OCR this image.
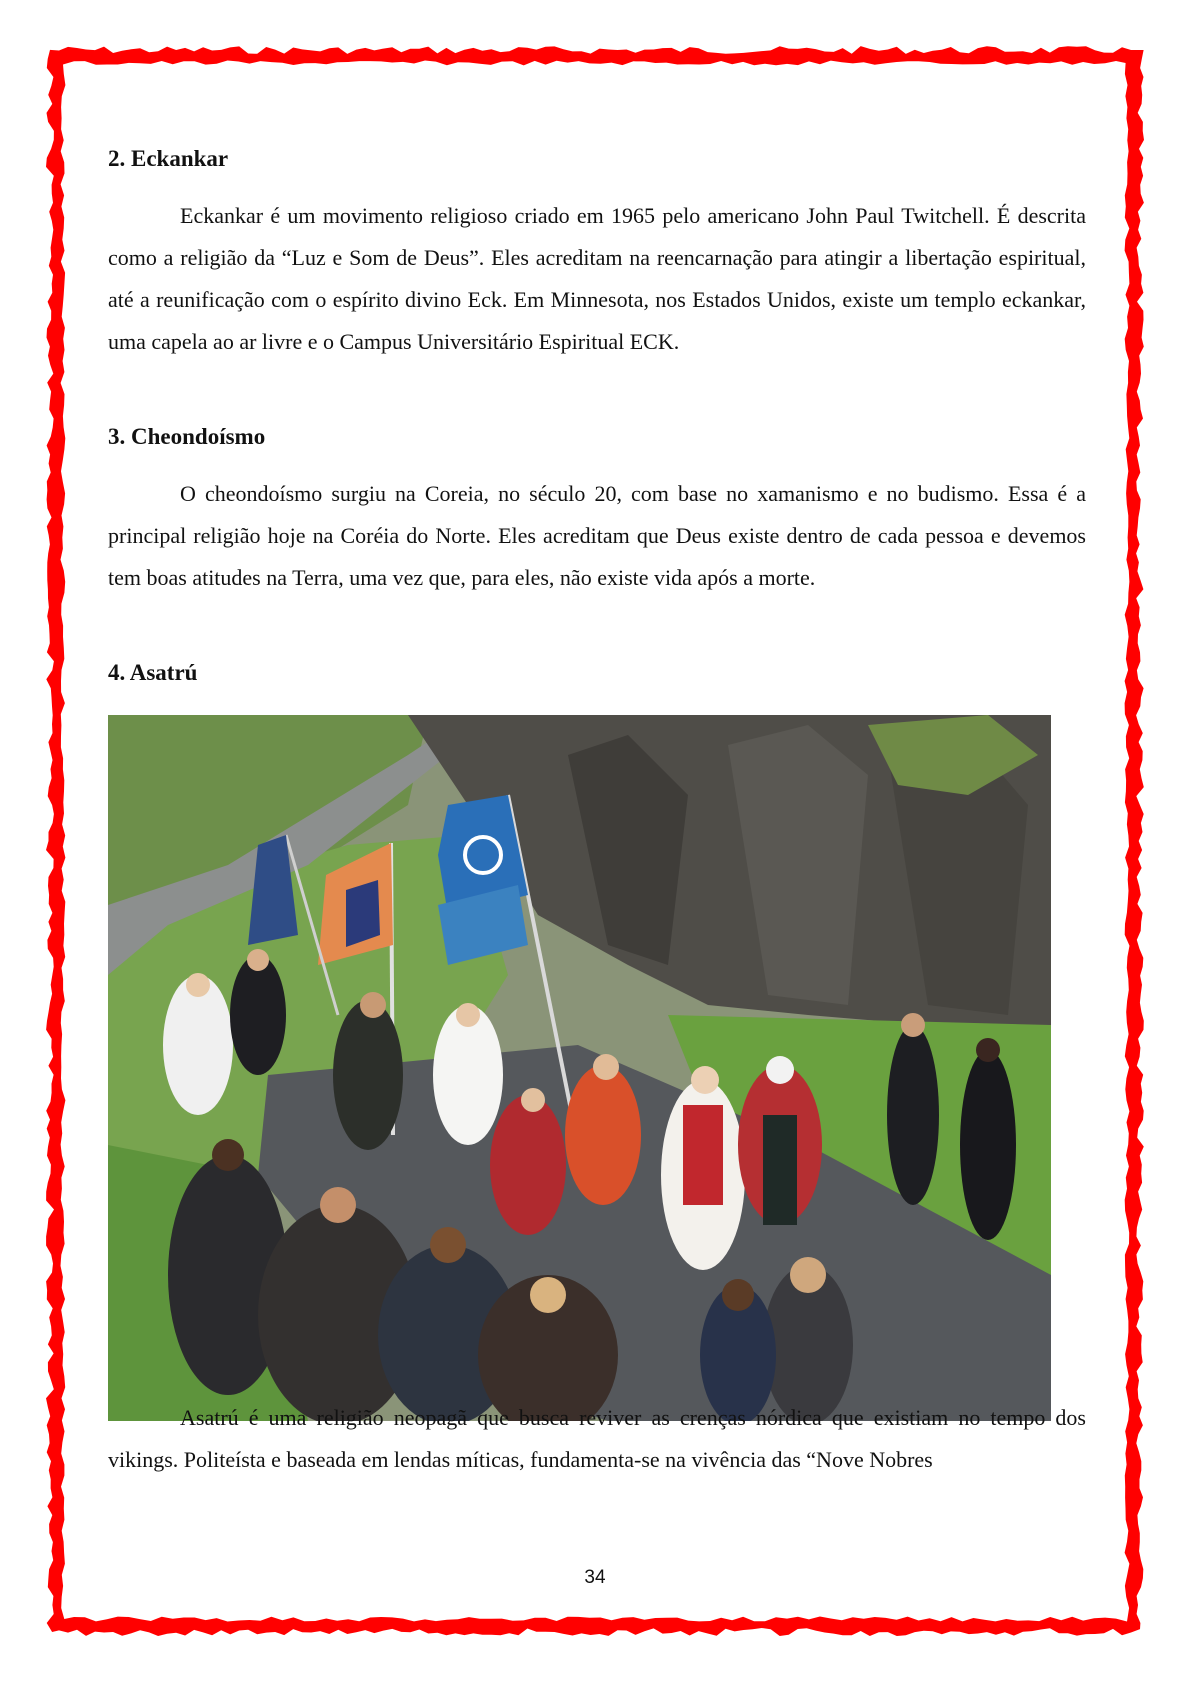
2. Eckankar

Eckankar é um movimento religioso criado em 1965 pelo americano John Paul Twitchell. É descrita como a religião da “Luz e Som de Deus”. Eles acreditam na reencarnação para atingir a libertação espiritual, até a reunificação com o espírito divino Eck. Em Minnesota, nos Estados Unidos, existe um templo eckankar, uma capela ao ar livre e o Campus Universitário Espiritual ECK.

3. Cheondoísmo

O cheondoísmo surgiu na Coreia, no século 20, com base no xamanismo e no budismo. Essa é a principal religião hoje na Coréia do Norte. Eles acreditam que Deus existe dentro de cada pessoa e devemos tem boas atitudes na Terra, uma vez que, para eles, não existe vida após a morte.

4. Asatrú

Asatrú é uma religião neopagã que busca reviver as crenças nórdica que existiam no tempo dos vikings. Politeísta e baseada em lendas míticas, fundamenta-se na vivência das “Nove Nobres

34
